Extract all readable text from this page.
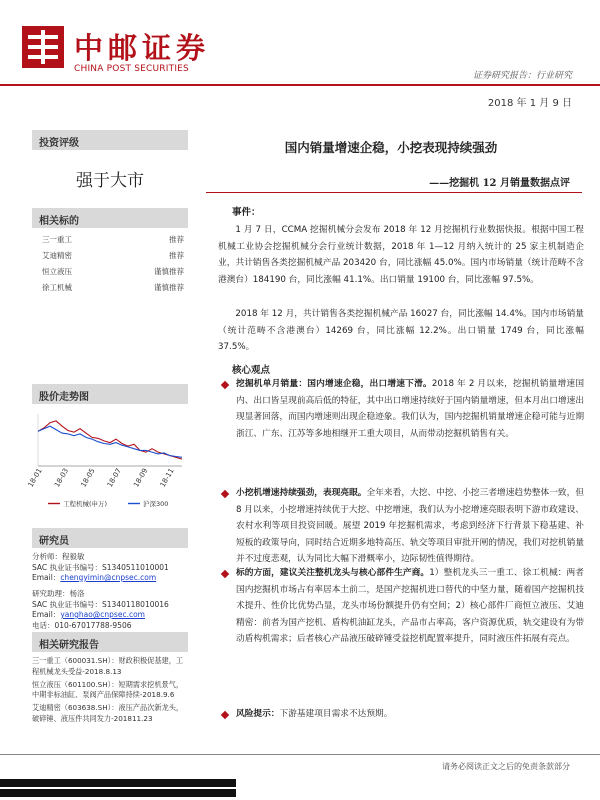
中邮证券
CHINA POST SECURITIES
证券研究报告：行业研究
2018 年 1 月 9 日
投资评级
强于大市
相关标的
三一重工	推荐
艾迪精密	推荐
恒立液压	谨慎推荐
徐工机械	谨慎推荐
股价走势图
18-01 18-03 18-05 18-07 18-09 18-11
工程机械(申万)	沪深300
研究员
分析师：程毅敏
SAC 执业证书编号：S1340511010001
Email：chengyimin@cnpsec.com
研究助理：杨洛
SAC 执业证书编号：S1340118010016
Email：yanghao@cnpsec.com
电话：010-67017788-9506
相关研究报告
三一重工（600031.SH）：财政积极促基建，工程机械龙头受益-2018.8.13
恒立液压（601100.SH）：短期需求挖机景气，中期非标油缸、泵阀产品保障持续-2018.9.6
艾迪精密（603638.SH）：液压产品次新龙头，破碎锤、液压件共同发力-201811.23
国内销量增速企稳，小挖表现持续强劲
——挖掘机 12 月销量数据点评
事件：

1 月 7 日，CCMA 挖掘机械分会发布 2018 年 12 月挖掘机行业数据快报。根据中国工程机械工业协会挖掘机械分会行业统计数据，2018 年 1—12 月纳入统计的 25 家主机制造企业，共计销售各类挖掘机械产品 203420 台，同比涨幅 45.0%。国内市场销量（统计范畴不含港澳台）184190 台，同比涨幅 41.1%。出口销量 19100 台，同比涨幅 97.5%。

2018 年 12 月，共计销售各类挖掘机械产品 16027 台，同比涨幅 14.4%。国内市场销量（统计范畴不含港澳台）14269 台，同比涨幅 12.2%。出口销量 1749 台，同比涨幅 37.5%。

核心观点

挖掘机单月销量：国内增速企稳，出口增速下滑。2018 年 2 月以来，挖掘机销量增速国内、出口皆呈现前高后低的特征，其中出口增速持续好于国内销量增速，但本月出口增速出现显著回落，而国内增速则出现企稳迹象。我们认为，国内挖掘机销量增速企稳可能与近期浙江、广东、江苏等多地相继开工重大项目，从而带动挖掘机销售有关。

小挖机增速持续强劲，表现亮眼。全年来看，大挖、中挖、小挖三者增速趋势整体一致，但 8 月以来，小挖增速持续优于大挖、中挖增速，我们认为小挖增速亮眼表明下游市政建设、农村水利等项目投资回暖。展望 2019 年挖掘机需求，考虑到经济下行背景下稳基建、补短板的政策导向，同时结合近期多地特高压、轨交等项目审批开闸的情况，我们对挖机销量并不过度悲观，认为同比大幅下滑概率小，边际韧性值得期待。

标的方面，建议关注整机龙头与核心部件生产商。1）整机龙头三一重工、徐工机械：两者国内挖掘机市场占有率居本土前二，是国产挖掘机进口替代的中坚力量，随着国产挖掘机技术提升、性价比优势凸显，龙头市场份额提升仍有空间；2）核心部件厂商恒立液压、艾迪精密：前者为国产挖机、盾构机油缸龙头，产品市占率高，客户资源优质，轨交建设有为带动盾构机需求；后者核心产品液压破碎锤受益挖机配置率提升，同时液压件拓展有亮点。

风险提示：下游基建项目需求不达预期。

请务必阅读正文之后的免责条款部分
